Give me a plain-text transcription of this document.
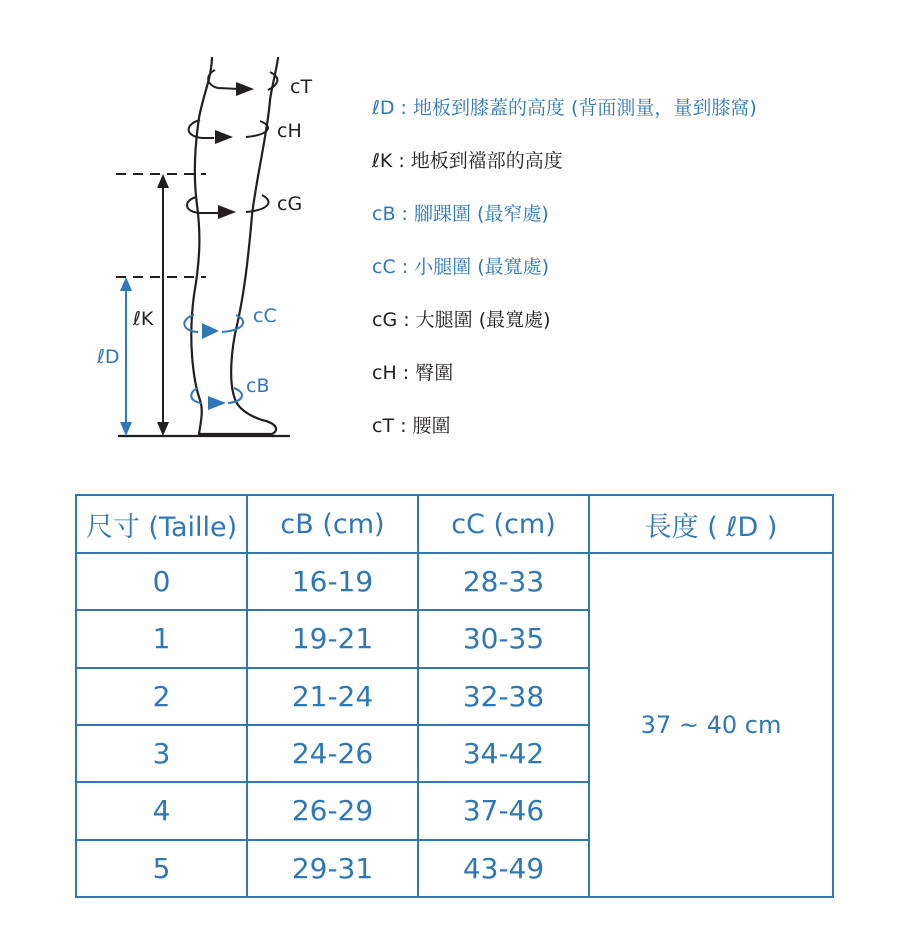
cT
cH
cG
cC
cB
ℓK
ℓD
ℓD : 地板到膝蓋的高度 (背面測量，量到膝窩)
ℓK : 地板到襠部的高度
cB : 腳踝圍 (最窄處)
cC : 小腿圍 (最寬處)
cG : 大腿圍 (最寬處)
cH : 臀圍
cT : 腰圍
尺寸 (Taille)	cB (cm)	cC (cm)	長度 ( ℓD )
0	16-19	28-33	37 ~ 40 cm
1	19-21	30-35	
2	21-24	32-38	
3	24-26	34-42	
4	26-29	37-46	
5	29-31	43-49	
